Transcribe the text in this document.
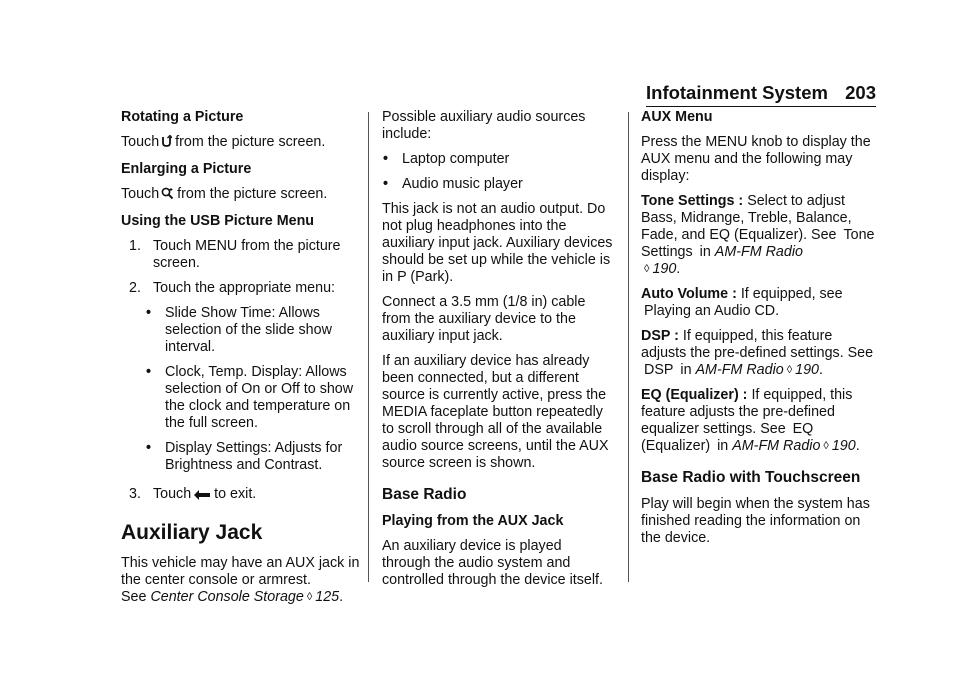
Infotainment System 203
Rotating a Picture

Touch from the picture screen.

Enlarging a Picture

Touch from the picture screen.

Using the USB Picture Menu
1. Touch MENU from the picture screen.
2. Touch the appropriate menu:
• Slide Show Time: Allows selection of the slide show interval.
• Clock, Temp. Display: Allows selection of On or Off to show the clock and temperature on the full screen.
• Display Settings: Adjusts for Brightness and Contrast.
3. Touch to exit.
Auxiliary Jack

This vehicle may have an AUX jack in the center console or armrest.
See Center Console Storage ◊ 125.

Possible auxiliary audio sources include:

• Laptop computer
• Audio music player

This jack is not an audio output. Do not plug headphones into the auxiliary input jack. Auxiliary devices should be set up while the vehicle is in P (Park).

Connect a 3.5 mm (1/8 in) cable from the auxiliary device to the auxiliary input jack.

If an auxiliary device has already been connected, but a different source is currently active, press the MEDIA faceplate button repeatedly to scroll through all of the available audio source screens, until the AUX source screen is shown.

Base Radio
Playing from the AUX Jack

An auxiliary device is played through the audio system and controlled through the device itself.

AUX Menu

Press the MENU knob to display the AUX menu and the following may display:

Tone Settings : Select to adjust Bass, Midrange, Treble, Balance, Fade, and EQ (Equalizer). See Tone Settings in AM-FM Radio
◊ 190.

Auto Volume : If equipped, see
Playing an Audio CD.

DSP : If equipped, this feature adjusts the pre-defined settings. See DSP in AM-FM Radio ◊ 190.

EQ (Equalizer) : If equipped, this feature adjusts the pre-defined equalizer settings. See EQ (Equalizer) in AM-FM Radio ◊ 190.

Base Radio with Touchscreen

Play will begin when the system has finished reading the information on the device.
